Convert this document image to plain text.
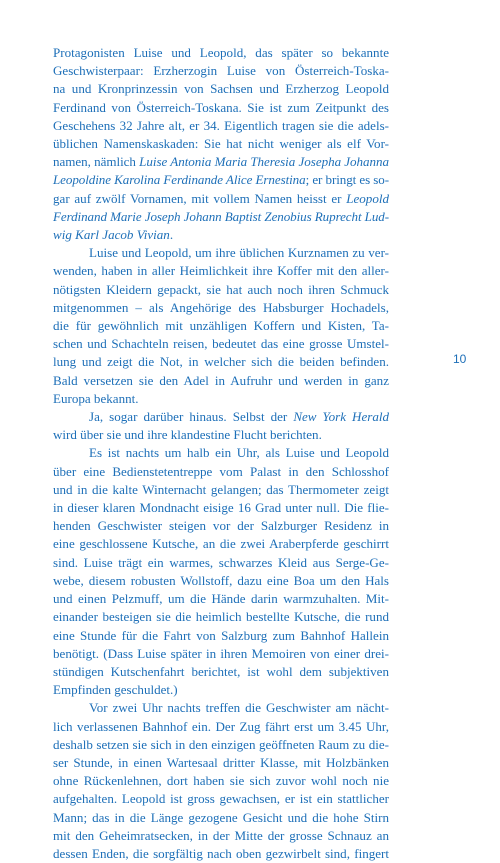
Protagonisten Luise und Leopold, das später so bekannte
Geschwisterpaar: Erzherzogin Luise von Österreich-Toska-
na und Kronprinzessin von Sachsen und Erzherzog Leopold
Ferdinand von Österreich-Toskana. Sie ist zum Zeitpunkt des
Geschehens 32 Jahre alt, er 34. Eigentlich tragen sie die adels-
üblichen Namenskaskaden: Sie hat nicht weniger als elf Vor-
namen, nämlich Luise Antonia Maria Theresia Josepha Johanna
Leopoldine Karolina Ferdinande Alice Ernestina; er bringt es so-
gar auf zwölf Vornamen, mit vollem Namen heisst er Leopold
Ferdinand Marie Joseph Johann Baptist Zenobius Ruprecht Lud-
wig Karl Jacob Vivian.
Luise und Leopold, um ihre üblichen Kurznamen zu ver-
wenden, haben in aller Heimlichkeit ihre Koffer mit den aller-
nötigsten Kleidern gepackt, sie hat auch noch ihren Schmuck
mitgenommen – als Angehörige des Habsburger Hochadels,
die für gewöhnlich mit unzähligen Koffern und Kisten, Ta-
schen und Schachteln reisen, bedeutet das eine grosse Umstel-
lung und zeigt die Not, in welcher sich die beiden befinden.
Bald versetzen sie den Adel in Aufruhr und werden in ganz
Europa bekannt.
Ja, sogar darüber hinaus. Selbst der New York Herald
wird über sie und ihre klandestine Flucht berichten.
Es ist nachts um halb ein Uhr, als Luise und Leopold
über eine Bedienstetentreppe vom Palast in den Schlosshof
und in die kalte Winternacht gelangen; das Thermometer zeigt
in dieser klaren Mondnacht eisige 16 Grad unter null. Die flie-
henden Geschwister steigen vor der Salzburger Residenz in
eine geschlossene Kutsche, an die zwei Araberpferde geschirrt
sind. Luise trägt ein warmes, schwarzes Kleid aus Serge-Ge-
webe, diesem robusten Wollstoff, dazu eine Boa um den Hals
und einen Pelzmuff, um die Hände darin warmzuhalten. Mit-
einander besteigen sie die heimlich bestellte Kutsche, die rund
eine Stunde für die Fahrt von Salzburg zum Bahnhof Hallein
benötigt. (Dass Luise später in ihren Memoiren von einer drei-
stündigen Kutschenfahrt berichtet, ist wohl dem subjektiven
Empfinden geschuldet.)
Vor zwei Uhr nachts treffen die Geschwister am nächt-
lich verlassenen Bahnhof ein. Der Zug fährt erst um 3.45 Uhr,
deshalb setzen sie sich in den einzigen geöffneten Raum zu die-
ser Stunde, in einen Wartesaal dritter Klasse, mit Holzbänken
ohne Rückenlehnen, dort haben sie sich zuvor wohl noch nie
aufgehalten. Leopold ist gross gewachsen, er ist ein stattlicher
Mann; das in die Länge gezogene Gesicht und die hohe Stirn
mit den Geheimratsecken, in der Mitte der grosse Schnauz an
dessen Enden, die sorgfältig nach oben gezwirbelt sind, fingert
10
